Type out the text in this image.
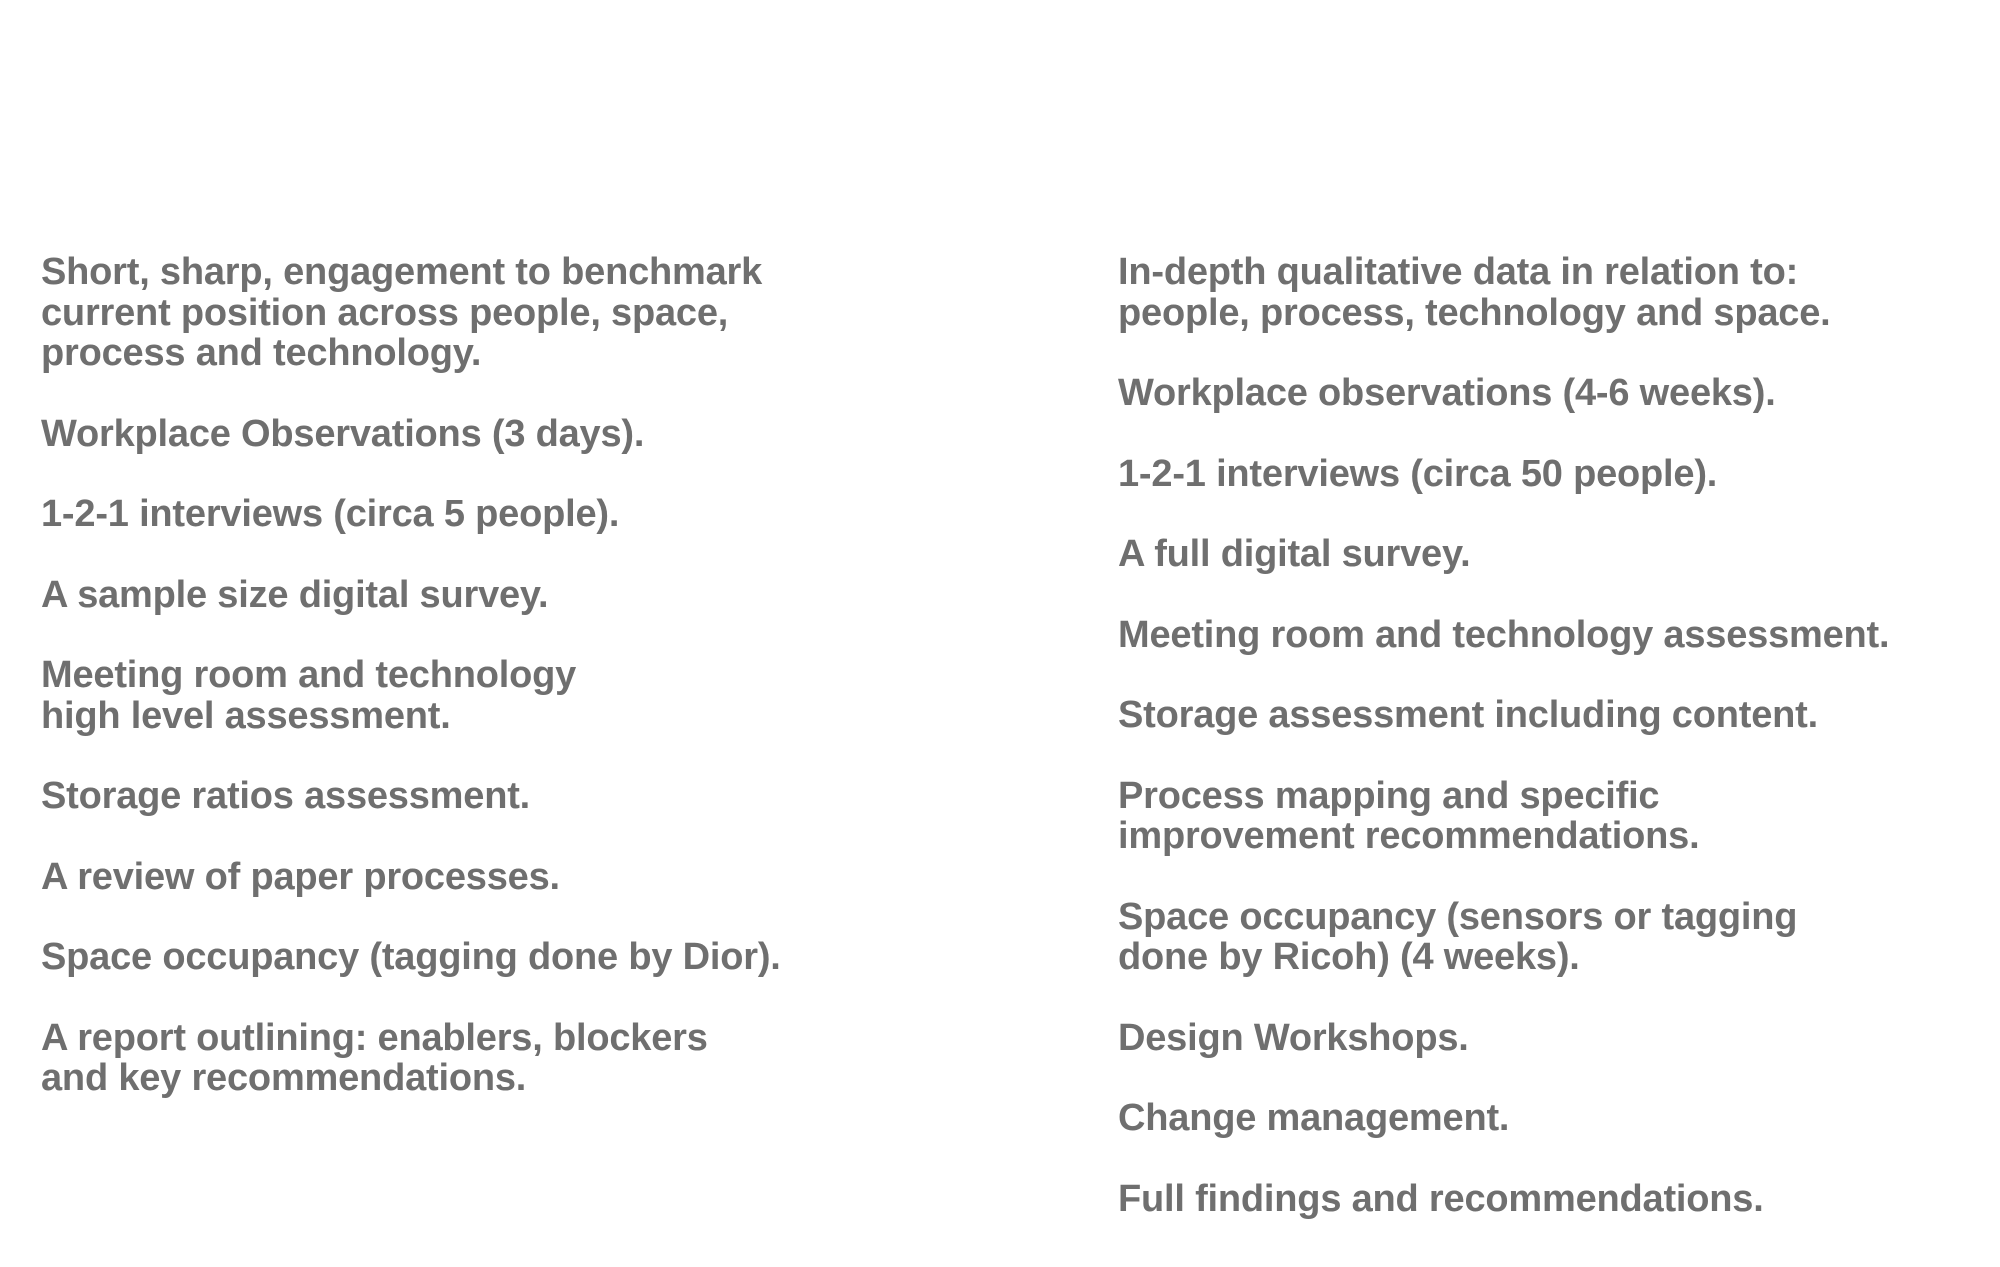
Short, sharp, engagement to benchmark
current position across people, space,
process and technology.

Workplace Observations (3 days).

1-2-1 interviews (circa 5 people).

A sample size digital survey.

Meeting room and technology
high level assessment.

Storage ratios assessment.

A review of paper processes.

Space occupancy (tagging done by Dior).

A report outlining: enablers, blockers
and key recommendations.

In-depth qualitative data in relation to:
people, process, technology and space.

Workplace observations (4-6 weeks).

1-2-1 interviews (circa 50 people).

A full digital survey.

Meeting room and technology assessment.

Storage assessment including content.

Process mapping and specific
improvement recommendations.

Space occupancy (sensors or tagging
done by Ricoh) (4 weeks).

Design Workshops.

Change management.

Full findings and recommendations.
